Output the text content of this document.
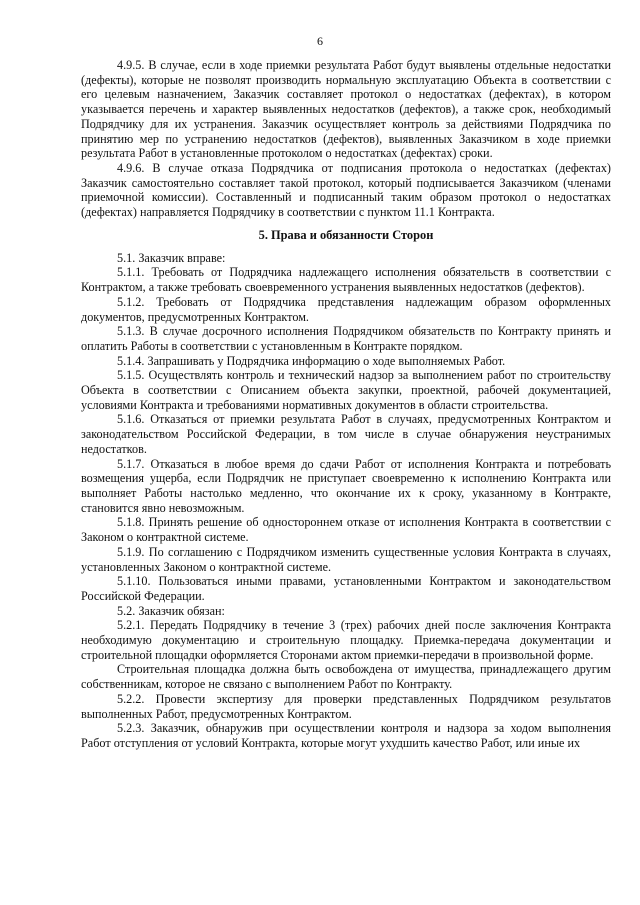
6

4.9.5. В случае, если в ходе приемки результата Работ будут выявлены отдельные недостатки (дефекты), которые не позволят производить нормальную эксплуатацию Объекта в соответствии с его целевым назначением, Заказчик составляет протокол о недостатках (дефектах), в котором указывается перечень и характер выявленных недостатков (дефектов), а также срок, необходимый Подрядчику для их устранения. Заказчик осуществляет контроль за действиями Подрядчика по принятию мер по устранению недостатков (дефектов), выявленных Заказчиком в ходе приемки результата Работ в установленные протоколом о недостатках (дефектах) сроки.

4.9.6. В случае отказа Подрядчика от подписания протокола о недостатках (дефектах) Заказчик самостоятельно составляет такой протокол, который подписывается Заказчиком (членами приемочной комиссии). Составленный и подписанный таким образом протокол о недостатках (дефектах) направляется Подрядчику в соответствии с пунктом 11.1 Контракта.

5. Права и обязанности Сторон

5.1. Заказчик вправе:

5.1.1. Требовать от Подрядчика надлежащего исполнения обязательств в соответствии с Контрактом, а также требовать своевременного устранения выявленных недостатков (дефектов).

5.1.2. Требовать от Подрядчика представления надлежащим образом оформленных документов, предусмотренных Контрактом.

5.1.3. В случае досрочного исполнения Подрядчиком обязательств по Контракту принять и оплатить Работы в соответствии с установленным в Контракте порядком.

5.1.4. Запрашивать у Подрядчика информацию о ходе выполняемых Работ.

5.1.5. Осуществлять контроль и технический надзор за выполнением работ по строительству Объекта в соответствии с Описанием объекта закупки, проектной, рабочей документацией, условиями Контракта и требованиями нормативных документов в области строительства.

5.1.6. Отказаться от приемки результата Работ в случаях, предусмотренных Контрактом и законодательством Российской Федерации, в том числе в случае обнаружения неустранимых недостатков.

5.1.7. Отказаться в любое время до сдачи Работ от исполнения Контракта и потребовать возмещения ущерба, если Подрядчик не приступает своевременно к исполнению Контракта или выполняет Работы настолько медленно, что окончание их к сроку, указанному в Контракте, становится явно невозможным.

5.1.8. Принять решение об одностороннем отказе от исполнения Контракта в соответствии с Законом о контрактной системе.

5.1.9. По соглашению с Подрядчиком изменить существенные условия Контракта в случаях, установленных Законом о контрактной системе.

5.1.10. Пользоваться иными правами, установленными Контрактом и законодательством Российской Федерации.

5.2. Заказчик обязан:

5.2.1. Передать Подрядчику в течение 3 (трех) рабочих дней после заключения Контракта необходимую документацию и строительную площадку. Приемка-передача документации и строительной площадки оформляется Сторонами актом приемки-передачи в произвольной форме.

Строительная площадка должна быть освобождена от имущества, принадлежащего другим собственникам, которое не связано с выполнением Работ по Контракту.

5.2.2. Провести экспертизу для проверки представленных Подрядчиком результатов выполненных Работ, предусмотренных Контрактом.

5.2.3. Заказчик, обнаружив при осуществлении контроля и надзора за ходом выполнения Работ отступления от условий Контракта, которые могут ухудшить качество Работ, или иные их
